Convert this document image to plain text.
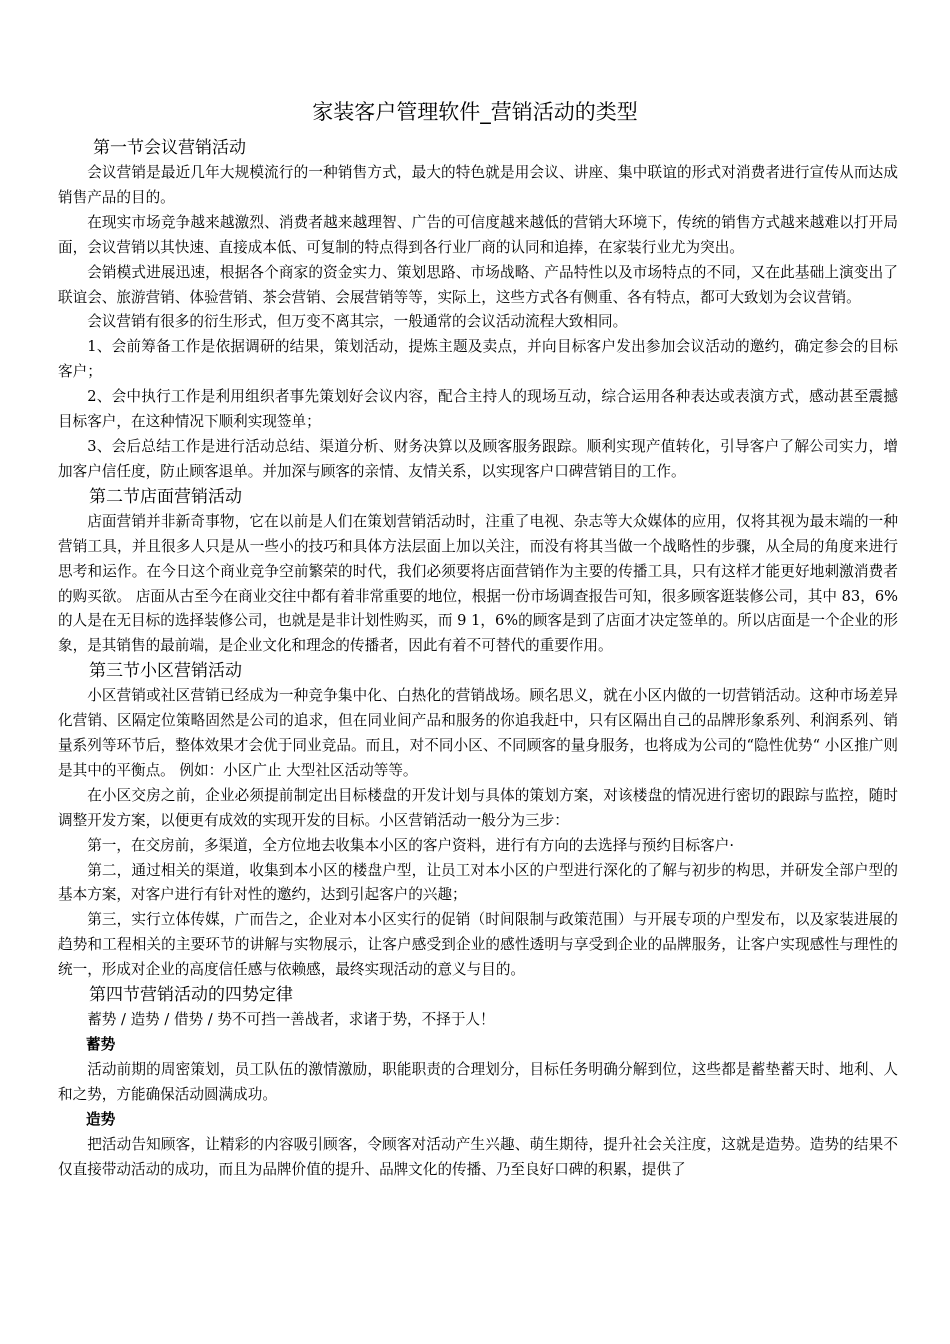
家装客户管理软件_营销活动的类型

第一节会议营销活动

会议营销是最近几年大规模流行的一种销售方式，最大的特色就是用会议、讲座、集中联谊的形式对消费者进行宣传从而达成销售产品的目的。

在现实市场竞争越来越激烈、消费者越来越理智、广告的可信度越来越低的营销大环境下，传统的销售方式越来越难以打开局面，会议营销以其快速、直接成本低、可复制的特点得到各行业厂商的认同和追捧，在家装行业尤为突出。

会销模式进展迅速，根据各个商家的资金实力、策划思路、市场战略、产品特性以及市场特点的不同，又在此基础上演变出了联谊会、旅游营销、体验营销、茶会营销、会展营销等等，实际上，这些方式各有侧重、各有特点，都可大致划为会议营销。

会议营销有很多的衍生形式，但万变不离其宗，一般通常的会议活动流程大致相同。

1、会前筹备工作是依据调研的结果，策划活动，提炼主题及卖点，并向目标客户发出参加会议活动的邀约，确定参会的目标客户；

2、会中执行工作是利用组织者事先策划好会议内容，配合主持人的现场互动，综合运用各种表达或表演方式，感动甚至震撼目标客户，在这种情况下顺利实现签单；

3、会后总结工作是进行活动总结、渠道分析、财务决算以及顾客服务跟踪。顺利实现产值转化，引导客户了解公司实力，增加客户信任度，防止顾客退单。并加深与顾客的亲情、友情关系，以实现客户口碑营销目的工作。

第二节店面营销活动

店面营销并非新奇事物，它在以前是人们在策划营销活动时，注重了电视、杂志等大众媒体的应用，仅将其视为最末端的一种营销工具，并且很多人只是从一些小的技巧和具体方法层面上加以关注，而没有将其当做一个战略性的步骤，从全局的角度来进行思考和运作。在今日这个商业竞争空前繁荣的时代，我们必须要将店面营销作为主要的传播工具，只有这样才能更好地刺激消费者的购买欲。 店面从古至今在商业交往中都有着非常重要的地位，根据一份市场调查报告可知，很多顾客逛装修公司，其中 83，6%的人是在无目标的选择装修公司，也就是是非计划性购买，而 9 1，6%的顾客是到了店面才决定签单的。所以店面是一个企业的形象，是其销售的最前端，是企业文化和理念的传播者，因此有着不可替代的重要作用。

第三节小区营销活动

小区营销或社区营销已经成为一种竞争集中化、白热化的营销战场。顾名思义，就在小区内做的一切营销活动。这种市场差异化营销、区隔定位策略固然是公司的追求，但在同业间产品和服务的你追我赶中，只有区隔出自己的品牌形象系列、利润系列、销量系列等环节后，整体效果才会优于同业竞品。而且，对不同小区、不同顾客的量身服务，也将成为公司的“隐性优势“ 小区推广则是其中的平衡点。 例如：小区广止 大型社区活动等等。

在小区交房之前，企业必须提前制定出目标楼盘的开发计划与具体的策划方案，对该楼盘的情况进行密切的跟踪与监控，随时调整开发方案，以便更有成效的实现开发的目标。小区营销活动一般分为三步：

第一，在交房前，多渠道，全方位地去收集本小区的客户资料，进行有方向的去选择与预约目标客户·

第二，通过相关的渠道，收集到本小区的楼盘户型，让员工对本小区的户型进行深化的了解与初步的构思，并研发全部户型的基本方案，对客户进行有针对性的邀约，达到引起客户的兴趣；

第三，实行立体传媒，广而告之，企业对本小区实行的促销（时间限制与政策范围）与开展专项的户型发布，以及家装进展的趋势和工程相关的主要环节的讲解与实物展示，让客户感受到企业的感性透明与享受到企业的品牌服务，让客户实现感性与理性的统一，形成对企业的高度信任感与依赖感，最终实现活动的意义与目的。

第四节营销活动的四势定律

蓄势 / 造势 / 借势 / 势不可挡一善战者，求诸于势，不择于人！

蓄势

活动前期的周密策划，员工队伍的激情激励，职能职责的合理划分，目标任务明确分解到位，这些都是蓄垫蓄天时、地利、人和之势，方能确保活动圆满成功。

造势

把活动告知顾客，让精彩的内容吸引顾客，令顾客对活动产生兴趣、萌生期待，提升社会关注度，这就是造势。造势的结果不仅直接带动活动的成功，而且为品牌价值的提升、品牌文化的传播、乃至良好口碑的积累，提供了
